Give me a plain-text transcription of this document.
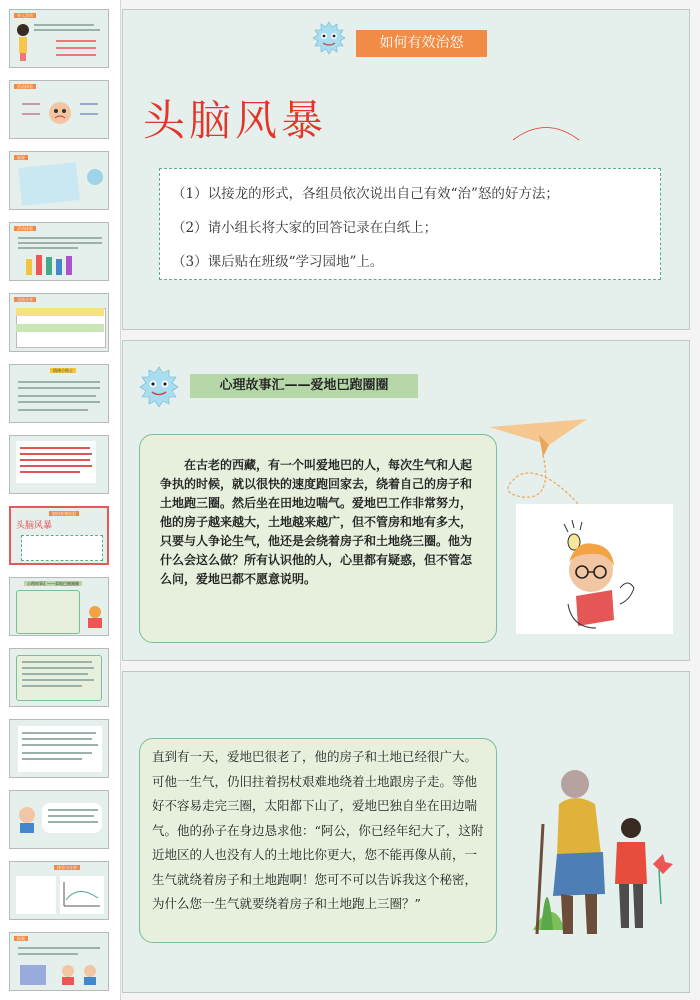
导入活动
活动体验
说说
活动体验
交流分享
情绪小贴士
如何有效治怒
头脑风暴
心理故事汇——爱地巴跑圈圈
体验与分享
拓展
如何有效治怒
头脑风暴

（1）以接龙的形式，各组员依次说出自己有效“治”怒的好方法；

（2）请小组长将大家的回答记录在白纸上；

（3）课后贴在班级“学习园地”上。

心理故事汇——爱地巴跑圈圈

在古老的西藏，有一个叫爱地巴的人，每次生气和人起争执的时候，就以很快的速度跑回家去，绕着自己的房子和土地跑三圈。然后坐在田地边喘气。爱地巴工作非常努力，他的房子越来越大，土地越来越广，但不管房和地有多大，只要与人争论生气，他还是会绕着房子和土地绕三圈。他为什么会这么做？所有认识他的人，心里都有疑惑，但不管怎么问，爱地巴都不愿意说明。

直到有一天，爱地巴很老了，他的房子和土地已经很广大。可他一生气，仍旧拄着拐杖艰难地绕着土地跟房子走。等他好不容易走完三圈，太阳都下山了，爱地巴独自坐在田边喘气。他的孙子在身边恳求他：“阿公，你已经年纪大了，这附近地区的人也没有人的土地比你更大，您不能再像从前，一生气就绕着房子和土地跑啊！您可不可以告诉我这个秘密，为什么您一生气就要绕着房子和土地跑上三圈？”
